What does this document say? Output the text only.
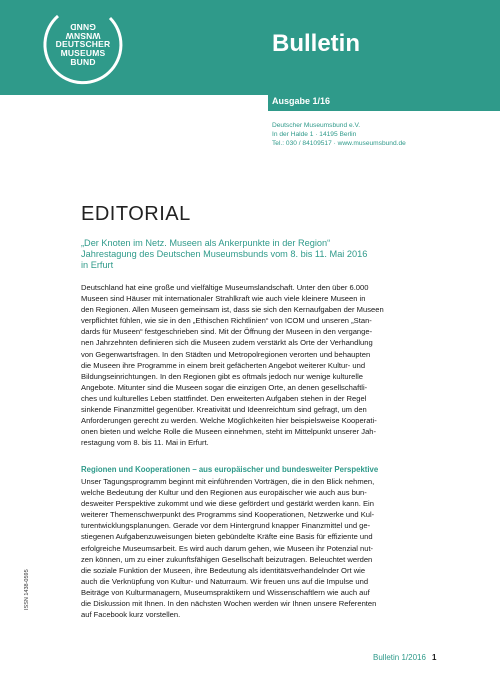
GNND
WNSNW
DEUTSCHER
MUSEUMS
BUND
Bulletin
Ausgabe 1/16
Deutscher Museumsbund e.V.
In der Halde 1 · 14195 Berlin
Tel.: 030 / 84109517 · www.museumsbund.de
EDITORIAL
„Der Knoten im Netz. Museen als Ankerpunkte in der Region“
Jahrestagung des Deutschen Museumsbunds vom 8. bis 11. Mai 2016
in Erfurt
Deutschland hat eine große und vielfältige Museumslandschaft. Unter den über 6.000
Museen sind Häuser mit internationaler Strahlkraft wie auch viele kleinere Museen in
den Regionen. Allen Museen gemeinsam ist, dass sie sich den Kernaufgaben der Museen
verpflichtet fühlen, wie sie in den „Ethischen Richtlinien“ von ICOM und unseren „Stan-
dards für Museen“ festgeschrieben sind. Mit der Öffnung der Museen in den vergange-
nen Jahrzehnten definieren sich die Museen zudem verstärkt als Orte der Verhandlung
von Gegenwartsfragen. In den Städten und Metropolregionen verorten und behaupten
die Museen ihre Programme in einem breit gefächerten Angebot weiterer Kultur- und
Bildungseinrichtungen. In den Regionen gibt es oftmals jedoch nur wenige kulturelle
Angebote. Mitunter sind die Museen sogar die einzigen Orte, an denen gesellschaftli-
ches und kulturelles Leben stattfindet. Den erweiterten Aufgaben stehen in der Regel
sinkende Finanzmittel gegenüber. Kreativität und Ideenreichtum sind gefragt, um den
Anforderungen gerecht zu werden. Welche Möglichkeiten hier beispielsweise Kooperati-
onen bieten und welche Rolle die Museen einnehmen, steht im Mittelpunkt unserer Jah-
restagung vom 8. bis 11. Mai in Erfurt.
Regionen und Kooperationen – aus europäischer und bundesweiter Perspektive
Unser Tagungsprogramm beginnt mit einführenden Vorträgen, die in den Blick nehmen,
welche Bedeutung der Kultur und den Regionen aus europäischer wie auch aus bun-
desweiter Perspektive zukommt und wie diese gefördert und gestärkt werden kann. Ein
weiterer Themenschwerpunkt des Programms sind Kooperationen, Netzwerke und Kul-
turentwicklungsplanungen. Gerade vor dem Hintergrund knapper Finanzmittel und ge-
stiegenen Aufgabenzuweisungen bieten gebündelte Kräfte eine Basis für effiziente und
erfolgreiche Museumsarbeit. Es wird auch darum gehen, wie Museen ihr Potenzial nut-
zen können, um zu einer zukunftsfähigen Gesellschaft beizutragen. Beleuchtet werden
die soziale Funktion der Museen, ihre Bedeutung als identitätsverhandelnder Ort wie
auch die Verknüpfung von Kultur- und Naturraum. Wir freuen uns auf die Impulse und
Beiträge von Kulturmanagern, Museumspraktikern und Wissenschaftlern wie auch auf
die Diskussion mit Ihnen. In den nächsten Wochen werden wir Ihnen unsere Referenten
auf Facebook kurz vorstellen.
ISSN 1438-0595
Bulletin 1/2016 1
